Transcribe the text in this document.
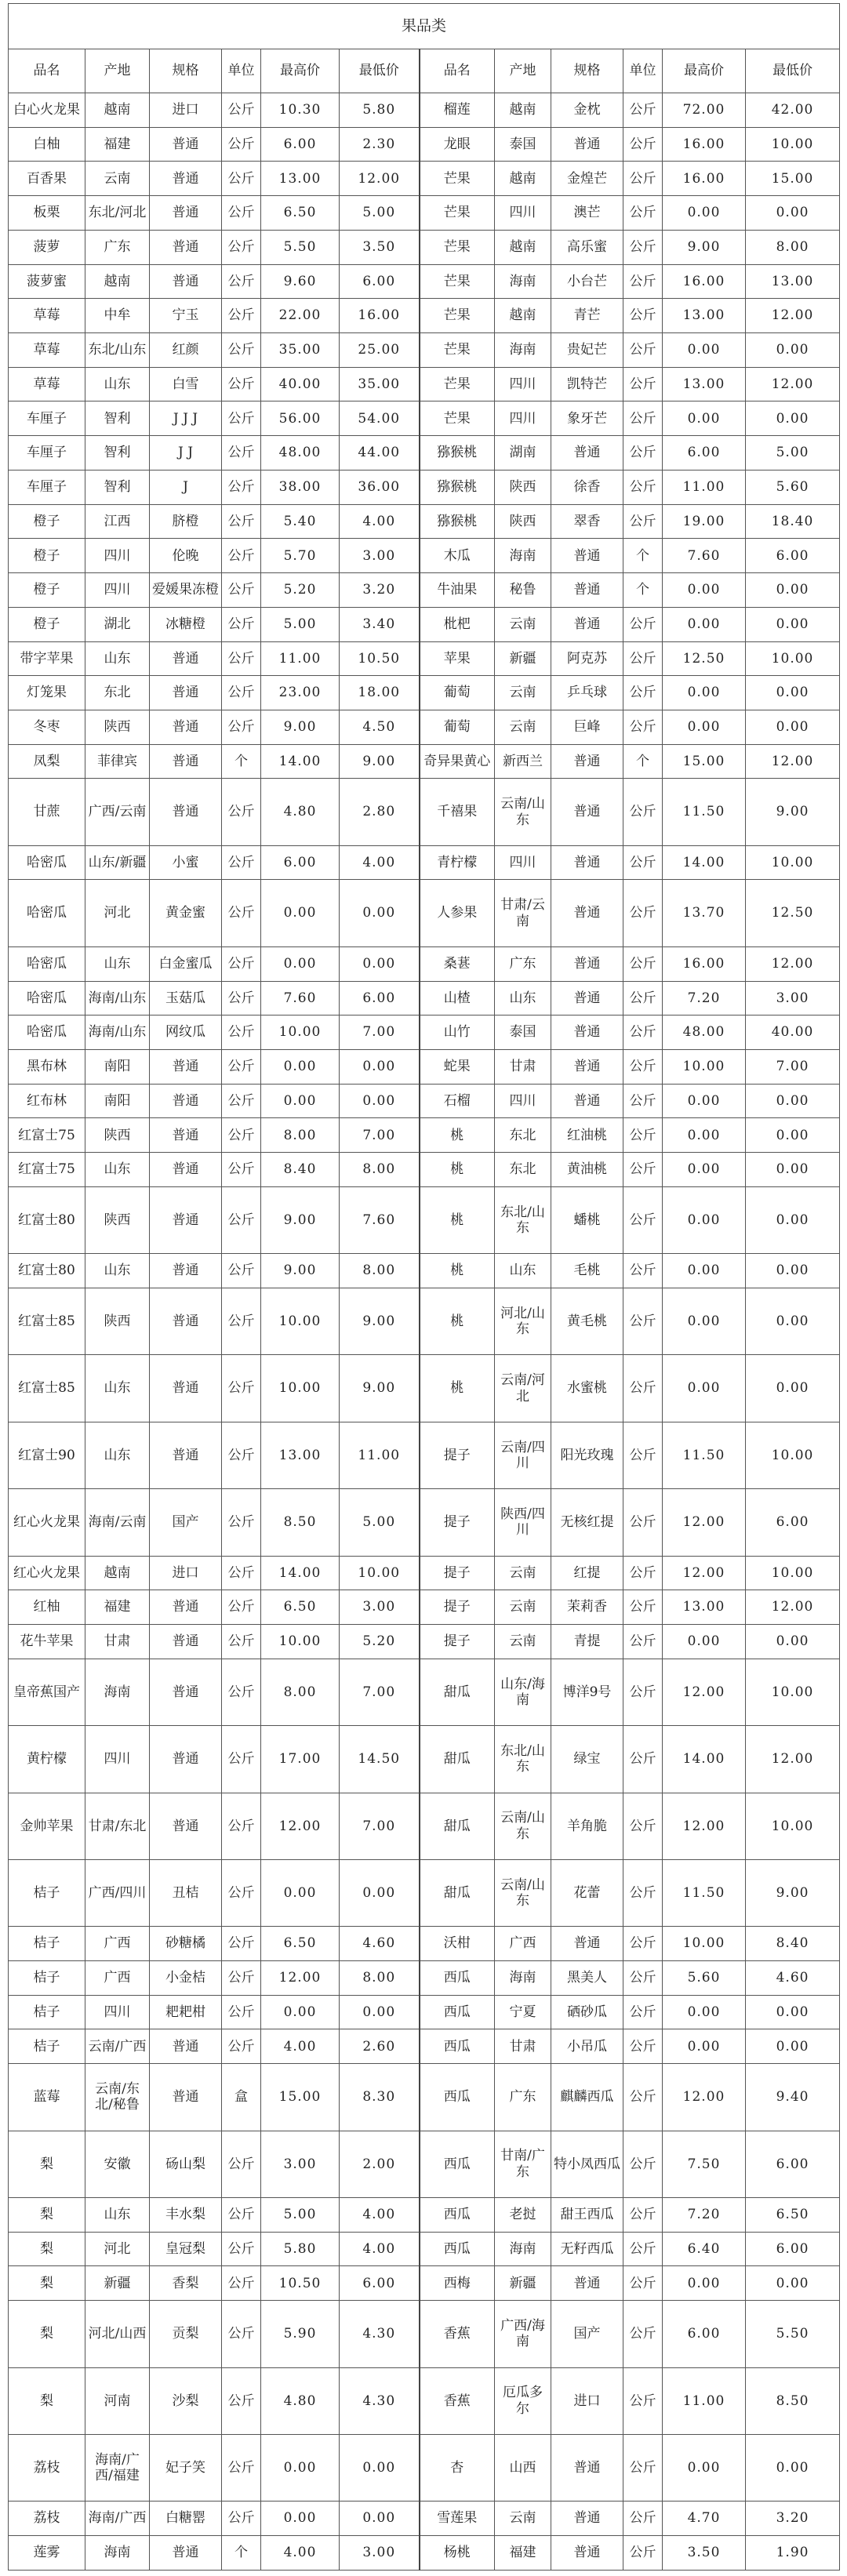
果品类											
品名	产地	规格	单位	最高价	最低价	品名	产地	规格	单位	最高价	最低价
白心火龙果	越南	进口	公斤	10.30	5.80	榴莲	越南	金枕	公斤	72.00	42.00
白柚	福建	普通	公斤	6.00	2.30	龙眼	泰国	普通	公斤	16.00	10.00
百香果	云南	普通	公斤	13.00	12.00	芒果	越南	金煌芒	公斤	16.00	15.00
板栗	东北/河北	普通	公斤	6.50	5.00	芒果	四川	澳芒	公斤	0.00	0.00
菠萝	广东	普通	公斤	5.50	3.50	芒果	越南	高乐蜜	公斤	9.00	8.00
菠萝蜜	越南	普通	公斤	9.60	6.00	芒果	海南	小台芒	公斤	16.00	13.00
草莓	中牟	宁玉	公斤	22.00	16.00	芒果	越南	青芒	公斤	13.00	12.00
草莓	东北/山东	红颜	公斤	35.00	25.00	芒果	海南	贵妃芒	公斤	0.00	0.00
草莓	山东	白雪	公斤	40.00	35.00	芒果	四川	凯特芒	公斤	13.00	12.00
车厘子	智利	J J J	公斤	56.00	54.00	芒果	四川	象牙芒	公斤	0.00	0.00
车厘子	智利	J J	公斤	48.00	44.00	猕猴桃	湖南	普通	公斤	6.00	5.00
车厘子	智利	J	公斤	38.00	36.00	猕猴桃	陕西	徐香	公斤	11.00	5.60
橙子	江西	脐橙	公斤	5.40	4.00	猕猴桃	陕西	翠香	公斤	19.00	18.40
橙子	四川	伦晚	公斤	5.70	3.00	木瓜	海南	普通	个	7.60	6.00
橙子	四川	爱媛果冻橙	公斤	5.20	3.20	牛油果	秘鲁	普通	个	0.00	0.00
橙子	湖北	冰糖橙	公斤	5.00	3.40	枇杷	云南	普通	公斤	0.00	0.00
带字苹果	山东	普通	公斤	11.00	10.50	苹果	新疆	阿克苏	公斤	12.50	10.00
灯笼果	东北	普通	公斤	23.00	18.00	葡萄	云南	乒乓球	公斤	0.00	0.00
冬枣	陕西	普通	公斤	9.00	4.50	葡萄	云南	巨峰	公斤	0.00	0.00
凤梨	菲律宾	普通	个	14.00	9.00	奇异果黄心	新西兰	普通	个	15.00	12.00
甘蔗	广西/云南	普通	公斤	4.80	2.80	千禧果	云南/山东	普通	公斤	11.50	9.00
哈密瓜	山东/新疆	小蜜	公斤	6.00	4.00	青柠檬	四川	普通	公斤	14.00	10.00
哈密瓜	河北	黄金蜜	公斤	0.00	0.00	人参果	甘肃/云南	普通	公斤	13.70	12.50
哈密瓜	山东	白金蜜瓜	公斤	0.00	0.00	桑葚	广东	普通	公斤	16.00	12.00
哈密瓜	海南/山东	玉菇瓜	公斤	7.60	6.00	山楂	山东	普通	公斤	7.20	3.00
哈密瓜	海南/山东	网纹瓜	公斤	10.00	7.00	山竹	泰国	普通	公斤	48.00	40.00
黑布林	南阳	普通	公斤	0.00	0.00	蛇果	甘肃	普通	公斤	10.00	7.00
红布林	南阳	普通	公斤	0.00	0.00	石榴	四川	普通	公斤	0.00	0.00
红富士75	陕西	普通	公斤	8.00	7.00	桃	东北	红油桃	公斤	0.00	0.00
红富士75	山东	普通	公斤	8.40	8.00	桃	东北	黄油桃	公斤	0.00	0.00
红富士80	陕西	普通	公斤	9.00	7.60	桃	东北/山东	蟠桃	公斤	0.00	0.00
红富士80	山东	普通	公斤	9.00	8.00	桃	山东	毛桃	公斤	0.00	0.00
红富士85	陕西	普通	公斤	10.00	9.00	桃	河北/山东	黄毛桃	公斤	0.00	0.00
红富士85	山东	普通	公斤	10.00	9.00	桃	云南/河北	水蜜桃	公斤	0.00	0.00
红富士90	山东	普通	公斤	13.00	11.00	提子	云南/四川	阳光玫瑰	公斤	11.50	10.00
红心火龙果	海南/云南	国产	公斤	8.50	5.00	提子	陕西/四川	无核红提	公斤	12.00	6.00
红心火龙果	越南	进口	公斤	14.00	10.00	提子	云南	红提	公斤	12.00	10.00
红柚	福建	普通	公斤	6.50	3.00	提子	云南	茉莉香	公斤	13.00	12.00
花牛苹果	甘肃	普通	公斤	10.00	5.20	提子	云南	青提	公斤	0.00	0.00
皇帝蕉国产	海南	普通	公斤	8.00	7.00	甜瓜	山东/海南	博洋9号	公斤	12.00	10.00
黄柠檬	四川	普通	公斤	17.00	14.50	甜瓜	东北/山东	绿宝	公斤	14.00	12.00
金帅苹果	甘肃/东北	普通	公斤	12.00	7.00	甜瓜	云南/山东	羊角脆	公斤	12.00	10.00
桔子	广西/四川	丑桔	公斤	0.00	0.00	甜瓜	云南/山东	花蕾	公斤	11.50	9.00
桔子	广西	砂糖橘	公斤	6.50	4.60	沃柑	广西	普通	公斤	10.00	8.40
桔子	广西	小金桔	公斤	12.00	8.00	西瓜	海南	黑美人	公斤	5.60	4.60
桔子	四川	耙耙柑	公斤	0.00	0.00	西瓜	宁夏	硒砂瓜	公斤	0.00	0.00
桔子	云南/广西	普通	公斤	4.00	2.60	西瓜	甘肃	小吊瓜	公斤	0.00	0.00
蓝莓	云南/东北/秘鲁	普通	盒	15.00	8.30	西瓜	广东	麒麟西瓜	公斤	12.00	9.40
梨	安徽	砀山梨	公斤	3.00	2.00	西瓜	甘南/广东	特小凤西瓜	公斤	7.50	6.00
梨	山东	丰水梨	公斤	5.00	4.00	西瓜	老挝	甜王西瓜	公斤	7.20	6.50
梨	河北	皇冠梨	公斤	5.80	4.00	西瓜	海南	无籽西瓜	公斤	6.40	6.00
梨	新疆	香梨	公斤	10.50	6.00	西梅	新疆	普通	公斤	0.00	0.00
梨	河北/山西	贡梨	公斤	5.90	4.30	香蕉	广西/海南	国产	公斤	6.00	5.50
梨	河南	沙梨	公斤	4.80	4.30	香蕉	厄瓜多尔	进口	公斤	11.00	8.50
荔枝	海南/广西/福建	妃子笑	公斤	0.00	0.00	杏	山西	普通	公斤	0.00	0.00
荔枝	海南/广西	白糖罂	公斤	0.00	0.00	雪莲果	云南	普通	公斤	4.70	3.20
莲雾	海南	普通	个	4.00	3.00	杨桃	福建	普通	公斤	3.50	1.90
